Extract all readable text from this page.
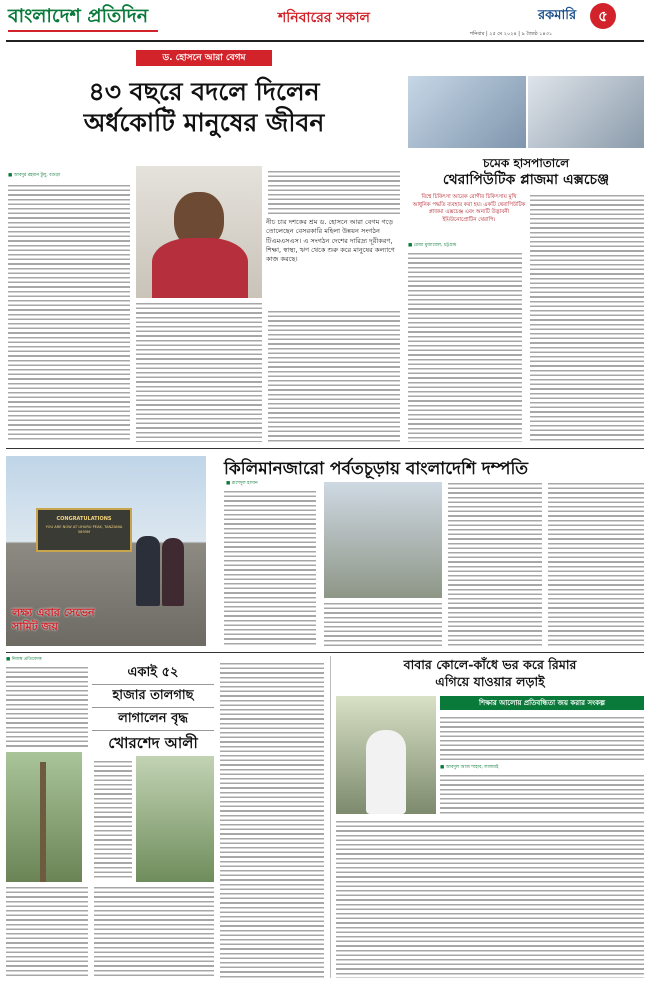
বাংলাদেশ প্রতিদিন	শনিবারের সকাল	রকমারি	৫
শনিবার | ২৫ মে ২০২৪ | ৯ জ্যৈষ্ঠ ১৪৩১
ড. হোসনে আরা বেগম
৪৩ বছরে বদলে দিলেন
অর্ধকোটি মানুষের জীবন
■ আবদুর রহমান টুলু, বগুড়া
নীচ চার দশকের শ্রম ড. হোসনে আরা বেগম গড়ে তোলেছেন বেসরকারি মহিলা উন্নয়ন সংগঠন টিএমএসএস। এ সংগঠন দেশের দারিদ্র্য দূরীকরণ, শিক্ষা, স্বাস্থ্য, ঋণ থেকে শুরু করে মানুষের কল্যাণে কাজ করছে।
চমেক হাসপাতালে
থেরাপিউটিক প্লাজমা এক্সচেঞ্জ
বিশ্বে চিকিৎসা আরেক রোগীর চিকিৎসায় মুখি আধুনিক পদ্ধতি ব্যবহার করা হয়। একটি থেরাপিউটিক প্লাজমা এক্সচেঞ্জ এবং অন্যটি উদ্ভাবনী ইমিউনোপ্রোটিন থেরাপি।
■ রেজা মুজাম্মেল, চট্টগ্রাম
কিলিমানজারো পর্বতচূড়ায় বাংলাদেশি দম্পতি
CONGRATULATIONS
YOU ARE NOW AT UHURU PEAK, TANZANIA 5895M
লক্ষ্য এবার সেভেন
সামিট জয়
■ রাশেদুল হাসান
■ নিজস্ব প্রতিবেদক
একাই ৫২
হাজার তালগাছ
লাগালেন বৃদ্ধ
খোরশেদ আলী
বাবার কোলে-কাঁধে ভর করে রিমার
এগিয়ে যাওয়ার লড়াই
শিক্ষার আলোয় প্রতিবন্ধিতা জয় করার সংকল্প
■ আবদুল আজ শাহাব, লালমাই
